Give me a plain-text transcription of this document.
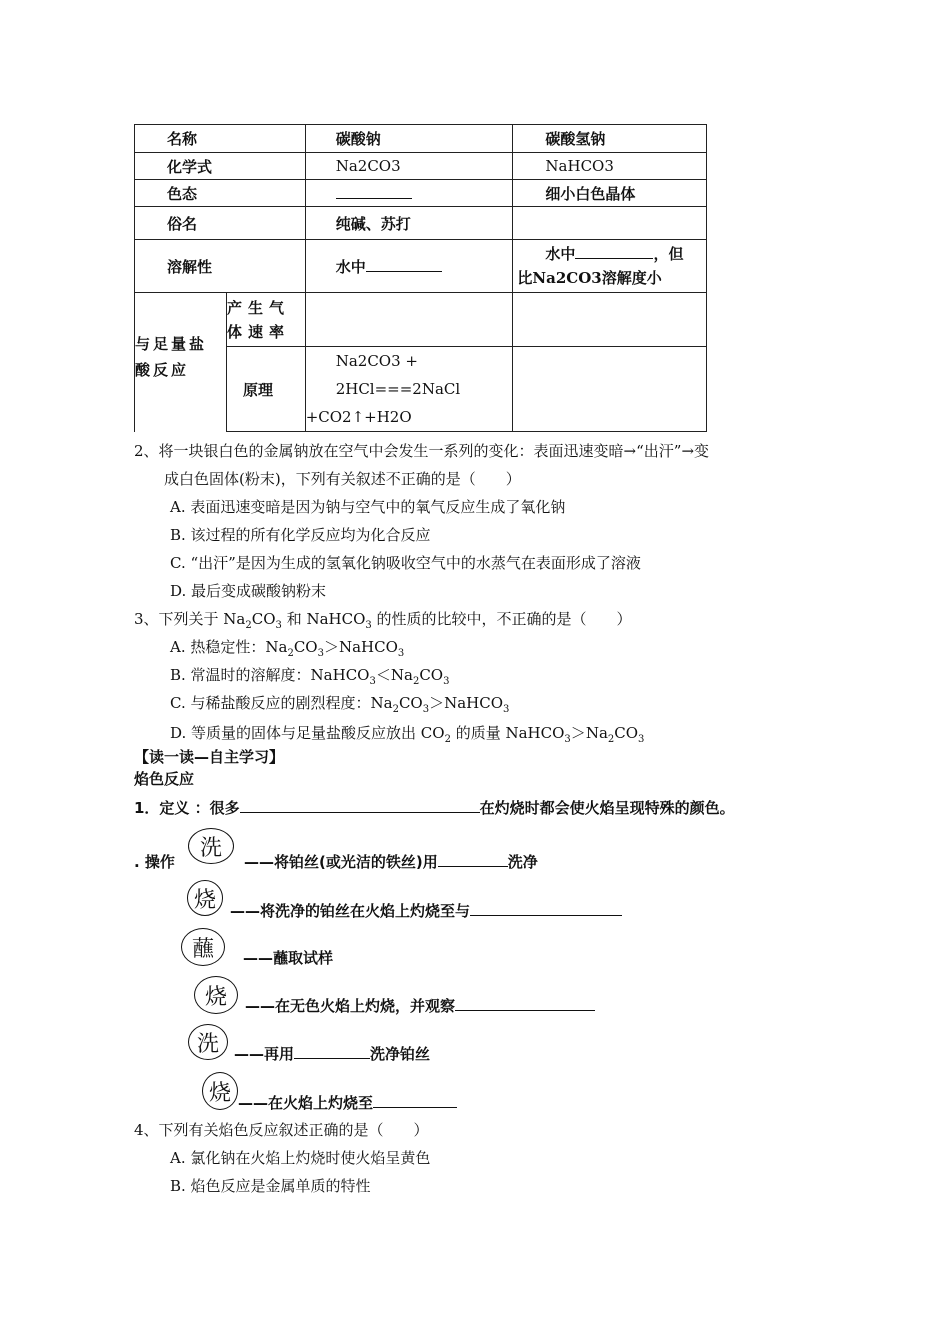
名称		碳酸钠	碳酸氢钠
化学式		Na2CO3	NaHCO3
色态			细小白色晶体
俗名		纯碱、苏打	
溶解性		水中	水中 ，但
比Na2CO3溶解度小

与足量盐酸反应	产生气体速率		
	原理	Na2CO3 + 2HCl===2NaCl
+CO2↑+H2O	

2、将一块银白色的金属钠放在空气中会发生一系列的变化：表面迅速变暗→“出汗”→变
成白色固体(粉末)，下列有关叙述不正确的是（　　）
A. 表面迅速变暗是因为钠与空气中的氧气反应生成了氧化钠
B. 该过程的所有化学反应均为化合反应
C. “出汗”是因为生成的氢氧化钠吸收空气中的水蒸气在表面形成了溶液
D. 最后变成碳酸钠粉末
3、下列关于 $Na_2CO_3$ 和 NaHCO$_3$ 的性质的比较中，不正确的是（　　）
A. 热稳定性：$Na_2CO_3>NaHCO_3$
B. 常温时的溶解度：$NaHCO_3<Na_2CO_3$
C. 与稀盐酸反应的剧烈程度：$Na_2CO_3>NaHCO_3$
D. 等质量的固体与足量盐酸反应放出 $CO_2$ 的质量 $NaHCO_3>Na_2CO_3$
【读一读—自主学习】
焰色反应
1．定义 ：很多	在灼烧时都会使火焰呈现特殊的颜色。
. 操作
洗
——将铂丝(或光洁的铁丝)用	洗净
烧 ——将洗净的铂丝在火焰上灼烧至与
蘸	——蘸取试样
烧	——在无色火焰上灼烧，并观察
洗	——再用	洗净铂丝
烧 ——在火焰上灼烧至
4、下列有关焰色反应叙述正确的是（　　）
A. 氯化钠在火焰上灼烧时使火焰呈黄色
B. 焰色反应是金属单质的特性
